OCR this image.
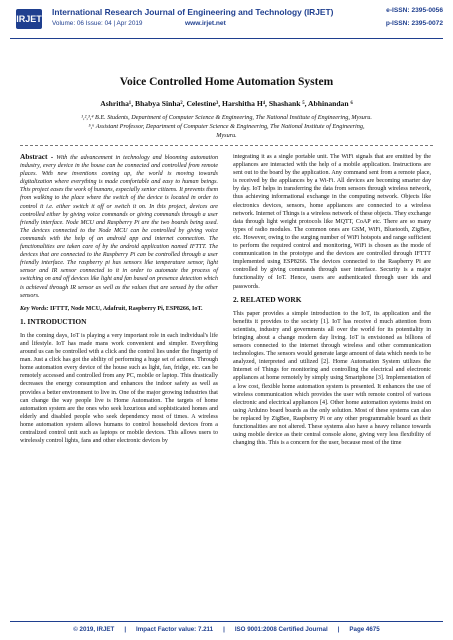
IRJET
International Research Journal of Engineering and Technology (IRJET)
Volume: 06 Issue: 04 | Apr 2019	www.irjet.net
e-ISSN: 2395-0056
p-ISSN: 2395-0072
Voice Controlled Home Automation System
Ashritha¹, Bhabya Sinha², Celestine³, Harshitha H⁴, Shashank ⁵, Abhinandan ⁶
¹,²,³,⁴ B.E. Students, Department of Computer Science & Engineering, The National Institute of Engineering, Mysuru.
⁵,⁶ Assistant Professor, Department of Computer Science & Engineering, The National Institute of Engineering,
Mysuru.

Abstract - With the advancement in technology and blooming automation industry, every device in the house can be connected and controlled from remote places. With new inventions coming up, the world is moving towards digitalization where everything is made comfortable and easy to human beings. This project eases the work of humans, especially senior citizens. It prevents them from walking to the place where the switch of the device is located in order to control it i.e. either switch it off or switch it on. In this project, devices are controlled either by giving voice commands or giving commands through a user friendly interface. Node MCU and Raspberry Pi are the two boards being used. The devices connected to the Node MCU can be controlled by giving voice commands with the help of an android app and internet connection. The functionalities are taken care of by the android application named IFTTT. The devices that are connected to the Raspberry Pi can be controlled through a user friendly interface. The raspberry pi has sensors like temperature sensor, light sensor and IR sensor connected to it in order to automate the process of switching on and off devices like light and fan based on presence detection which is achieved through IR sensor as well as the values that are sensed by the other sensors.

Key Words: IFTTT, Node MCU, Adafruit, Raspberry Pi, ESP8266, IoT.

1. INTRODUCTION

In the coming days, IoT is playing a very important role in each individual's life and lifestyle. IoT has made mans work convenient and simpler. Everything around us can be controlled with a click and the control lies under the fingertip of man. Just a click has got the ability of performing a huge set of actions. Through home automation every device of the house such as light, fan, fridge, etc. can be remotely accessed and controlled from any PC, mobile or laptop. This drastically decreases the energy consumption and enhances the indoor safety as well as provides a better environment to live in. One of the major growing industries that can change the way people live is Home Automation. The targets of home automation system are the ones who seek luxurious and sophisticated homes and elderly and disabled people who seek dependency most of times. A wireless home automation system allows humans to control household devices from a centralized control unit such as laptops or mobile devices. This allows users to wirelessly control lights, fans and other electronic devices by

integrating it as a single portable unit. The WiFi signals that are emitted by the appliances are interacted with the help of a mobile application. Instructions are sent out to the board by the application. Any command sent from a remote place, is received by the appliances by a Wi-Fi. All devices are becoming smarter day by day. IoT helps in transferring the data from sensors through wireless network, thus achieving informational exchange in the computing network. Objects like electronics devices, sensors, home appliances are connected to a wireless network. Internet of Things is a wireless network of these objects. They exchange data through light weight protocols like MQTT, CoAP etc. There are so many types of radio modules. The common ones are GSM, WiFi, Bluetooth, ZigBee, etc. However, owing to the surging number of WiFi hotspots and range sufficient to perform the required control and monitoring, WiFi is chosen as the mode of communication in the prototype and the devices are controlled through IFTTT implemented using ESP8266. The devices connected to the Raspberry Pi are controlled by giving commands through user interface. Security is a major functionality of IoT. Hence, users are authenticated through user ids and passwords.

2. RELATED WORK

This paper provides a simple introduction to the IoT, its application and the benefits it provides to the society [1]. IoT has receive d much attention from scientists, industry and governments all over the world for its potentiality in bringing about a change modern day living. IoT is envisioned as billions of sensors connected to the internet through wireless and other communication technologies. The sensors would generate large amount of data which needs to be analyzed, interpreted and utilized [2]. Home Automation System utilizes the Internet of Things for monitoring and controlling the electrical and electronic appliances at home remotely by simply using Smartphone [3]. Implementation of a low cost, flexible home automation system is presented. It enhances the use of wireless communication which provides the user with remote control of various electronic and electrical appliances [4]. Other home automation systems insist on using Arduino board boards as the only solution. Most of these systems can also be replaced by ZigBee, Raspberry Pi or any other programmable board as their functionalities are not altered. These systems also have a heavy reliance towards using mobile device as their central console alone, giving very less flexibility of changing this. This is a concern for the user, because most of the time

© 2019, IRJET | Impact Factor value: 7.211 | ISO 9001:2008 Certified Journal | Page 4675
